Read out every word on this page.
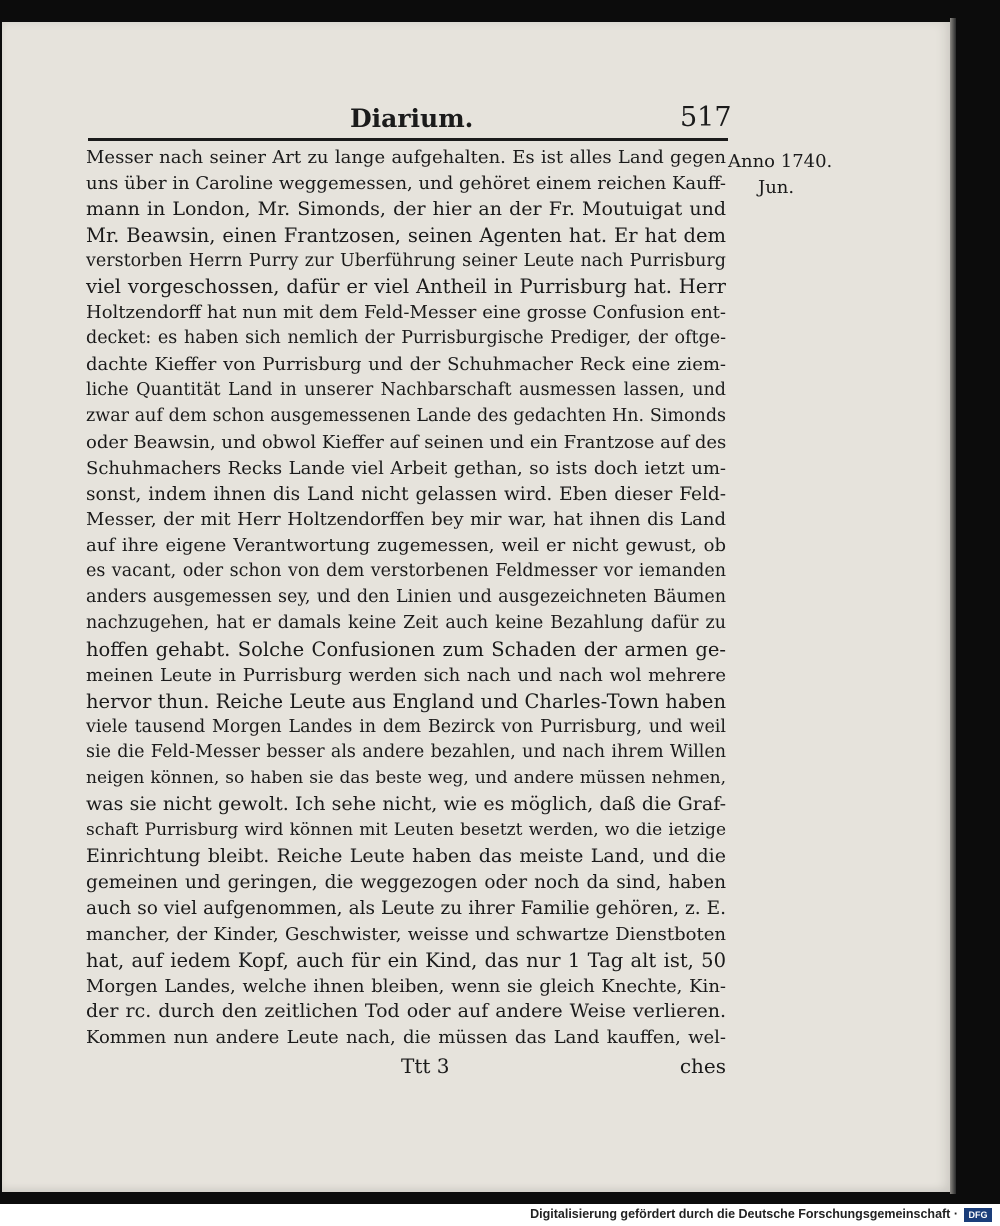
Diarium.	517
Anno 1740.
Jun.
Messer nach seiner Art zu lange aufgehalten. Es ist alles Land gegen
uns über in Caroline weggemessen, und gehöret einem reichen Kauff-
mann in London, Mr. Simonds, der hier an der Fr. Moutuigat und
Mr. Beawsin, einen Frantzosen, seinen Agenten hat. Er hat dem
verstorben Herrn Purry zur Uberführung seiner Leute nach Purrisburg
viel vorgeschossen, dafür er viel Antheil in Purrisburg hat. Herr
Holtzendorff hat nun mit dem Feld-Messer eine grosse Confusion ent-
decket: es haben sich nemlich der Purrisburgische Prediger, der oftge-
dachte Kieffer von Purrisburg und der Schuhmacher Reck eine ziem-
liche Quantität Land in unserer Nachbarschaft ausmessen lassen, und
zwar auf dem schon ausgemessenen Lande des gedachten Hn. Simonds
oder Beawsin, und obwol Kieffer auf seinen und ein Frantzose auf des
Schuhmachers Recks Lande viel Arbeit gethan, so ists doch ietzt um-
sonst, indem ihnen dis Land nicht gelassen wird. Eben dieser Feld-
Messer, der mit Herr Holtzendorffen bey mir war, hat ihnen dis Land
auf ihre eigene Verantwortung zugemessen, weil er nicht gewust, ob
es vacant, oder schon von dem verstorbenen Feldmesser vor iemanden
anders ausgemessen sey, und den Linien und ausgezeichneten Bäumen
nachzugehen, hat er damals keine Zeit auch keine Bezahlung dafür zu
hoffen gehabt. Solche Confusionen zum Schaden der armen ge-
meinen Leute in Purrisburg werden sich nach und nach wol mehrere
hervor thun. Reiche Leute aus England und Charles-Town haben
viele tausend Morgen Landes in dem Bezirck von Purrisburg, und weil
sie die Feld-Messer besser als andere bezahlen, und nach ihrem Willen
neigen können, so haben sie das beste weg, und andere müssen nehmen,
was sie nicht gewolt. Ich sehe nicht, wie es möglich, daß die Graf-
schaft Purrisburg wird können mit Leuten besetzt werden, wo die ietzige
Einrichtung bleibt. Reiche Leute haben das meiste Land, und die
gemeinen und geringen, die weggezogen oder noch da sind, haben
auch so viel aufgenommen, als Leute zu ihrer Familie gehören, z. E.
mancher, der Kinder, Geschwister, weisse und schwartze Dienstboten
hat, auf iedem Kopf, auch für ein Kind, das nur 1 Tag alt ist, 50
Morgen Landes, welche ihnen bleiben, wenn sie gleich Knechte, Kin-
der rc. durch den zeitlichen Tod oder auf andere Weise verlieren.
Kommen nun andere Leute nach, die müssen das Land kauffen, wel-
Ttt 3	ches
Digitalisierung gefördert durch die Deutsche Forschungsgemeinschaft ·	DFG
